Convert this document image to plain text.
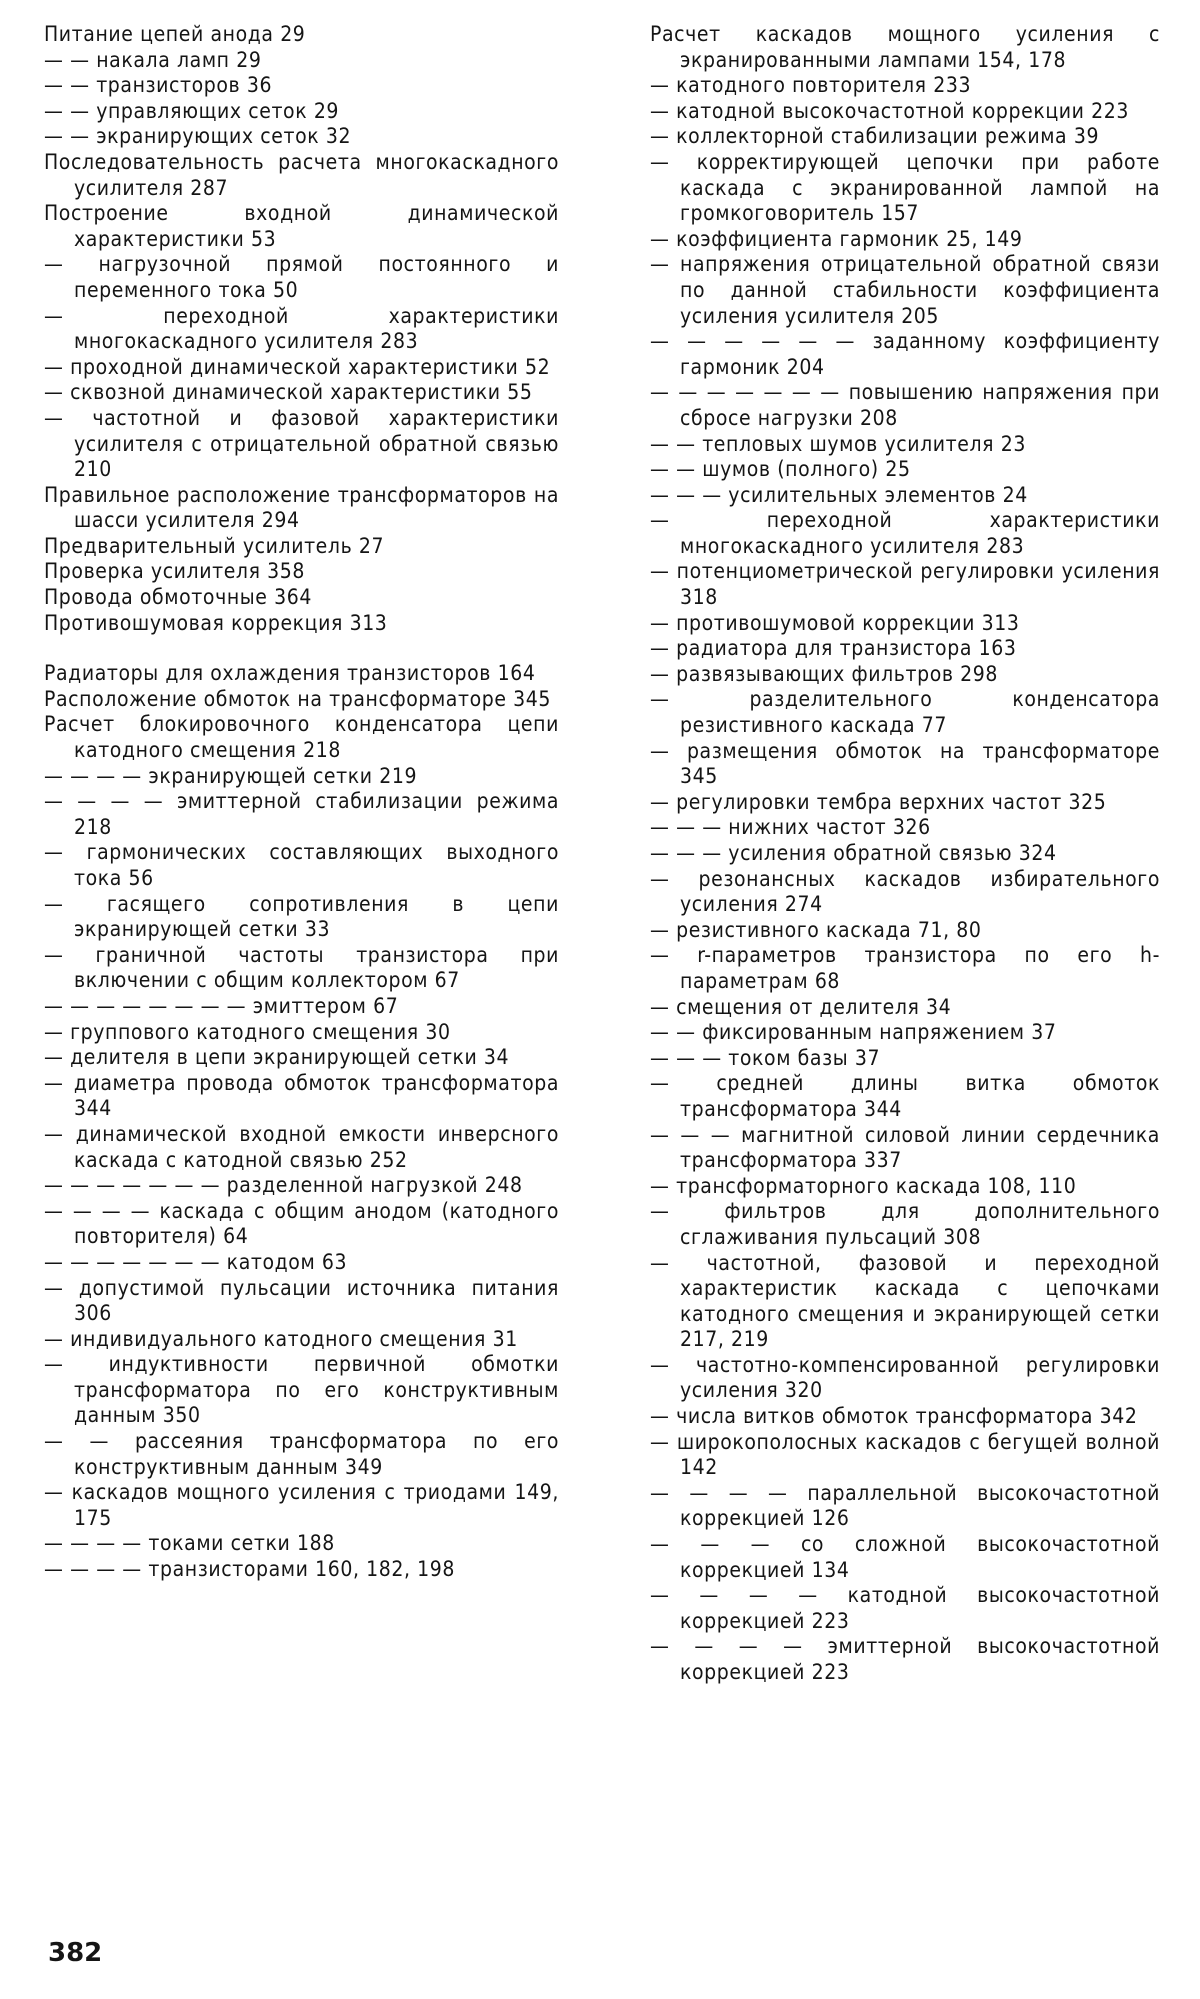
Питание цепей анода 29
— — накала ламп 29
— — транзисторов 36
— — управляющих сеток 29
— — экранирующих сеток 32
Последовательность расчета многокаскадного усилителя 287
Построение входной динамической характеристики 53
— нагрузочной прямой постоянного и переменного тока 50
— переходной характеристики многокаскадного усилителя 283
— проходной динамической характеристики 52
— сквозной динамической характеристики 55
— частотной и фазовой характеристики усилителя с отрицательной обратной связью 210
Правильное расположение трансформаторов на шасси усилителя 294
Предварительный усилитель 27
Проверка усилителя 358
Провода обмоточные 364
Противошумовая коррекция 313
Радиаторы для охлаждения транзисторов 164
Расположение обмоток на трансформаторе 345
Расчет блокировочного конденсатора цепи катодного смещения 218
— — — — экранирующей сетки 219
— — — — эмиттерной стабилизации режима 218
— гармонических составляющих выходного тока 56
— гасящего сопротивления в цепи экранирующей сетки 33
— граничной частоты транзистора при включении с общим коллектором 67
— — — — — — — — эмиттером 67
— группового катодного смещения 30
— делителя в цепи экранирующей сетки 34
— диаметра провода обмоток трансформатора 344
— динамической входной емкости инверсного каскада с катодной связью 252
— — — — — — — разделенной нагрузкой 248
— — — — каскада с общим анодом (катодного повторителя) 64
— — — — — — — катодом 63
— допустимой пульсации источника питания 306
— индивидуального катодного смещения 31
— индуктивности первичной обмотки трансформатора по его конструктивным данным 350
— — рассеяния трансформатора по его конструктивным данным 349
— каскадов мощного усиления с триодами 149, 175
— — — — токами сетки 188
— — — — транзисторами 160, 182, 198
Расчет каскадов мощного усиления с экранированными лампами 154, 178
— катодного повторителя 233
— катодной высокочастотной коррекции 223
— коллекторной стабилизации режима 39
— корректирующей цепочки при работе каскада с экранированной лампой на громкоговоритель 157
— коэффициента гармоник 25, 149
— напряжения отрицательной обратной связи по данной стабильности коэффициента усиления усилителя 205
— — — — — — заданному коэффициенту гармоник 204
— — — — — — — повышению напряжения при сбросе нагрузки 208
— — тепловых шумов усилителя 23
— — шумов (полного) 25
— — — усилительных элементов 24
— переходной характеристики многокаскадного усилителя 283
— потенциометрической регулировки усиления 318
— противошумовой коррекции 313
— радиатора для транзистора 163
— развязывающих фильтров 298
— разделительного конденсатора резистивного каскада 77
— размещения обмоток на трансформаторе 345
— регулировки тембра верхних частот 325
— — — нижних частот 326
— — — усиления обратной связью 324
— резонансных каскадов избирательного усиления 274
— резистивного каскада 71, 80
— r-параметров транзистора по его h-параметрам 68
— смещения от делителя 34
— — фиксированным напряжением 37
— — — током базы 37
— средней длины витка обмоток трансформатора 344
— — — магнитной силовой линии сердечника трансформатора 337
— трансформаторного каскада 108, 110
— фильтров для дополнительного сглаживания пульсаций 308
— частотной, фазовой и переходной характеристик каскада с цепочками катодного смещения и экранирующей сетки 217, 219
— частотно-компенсированной регулировки усиления 320
— числа витков обмоток трансформатора 342
— широкополосных каскадов с бегущей волной 142
— — — — параллельной высокочастотной коррекцией 126
— — — со сложной высокочастотной коррекцией 134
— — — — катодной высокочастотной коррекцией 223
— — — — эмиттерной высокочастотной коррекцией 223
382
